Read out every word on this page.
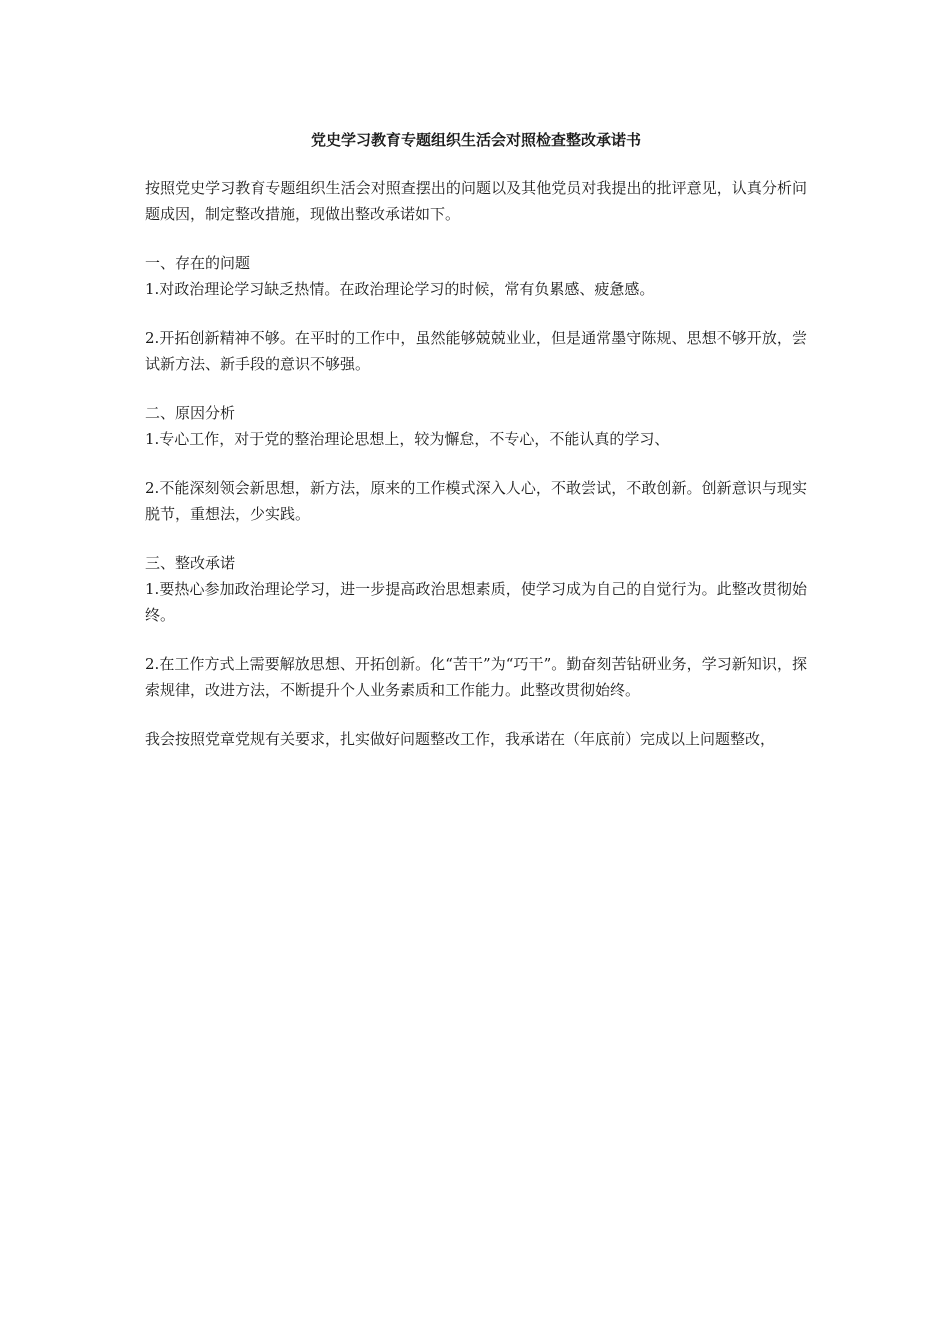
党史学习教育专题组织生活会对照检查整改承诺书

按照党史学习教育专题组织生活会对照查摆出的问题以及其他党员对我提出的批评意见，认真分析问题成因，制定整改措施，现做出整改承诺如下。

一、存在的问题

1.对政治理论学习缺乏热情。在政治理论学习的时候，常有负累感、疲惫感。

2.开拓创新精神不够。在平时的工作中，虽然能够兢兢业业，但是通常墨守陈规、思想不够开放，尝试新方法、新手段的意识不够强。

二、原因分析

1.专心工作，对于党的整治理论思想上，较为懈怠，不专心，不能认真的学习、

2.不能深刻领会新思想，新方法，原来的工作模式深入人心，不敢尝试，不敢创新。创新意识与现实脱节，重想法，少实践。

三、整改承诺

1.要热心参加政治理论学习，进一步提高政治思想素质，使学习成为自己的自觉行为。此整改贯彻始终。

2.在工作方式上需要解放思想、开拓创新。化“苦干”为“巧干”。勤奋刻苦钻研业务，学习新知识，探索规律，改进方法，不断提升个人业务素质和工作能力。此整改贯彻始终。

我会按照党章党规有关要求，扎实做好问题整改工作，我承诺在（年底前）完成以上问题整改，
